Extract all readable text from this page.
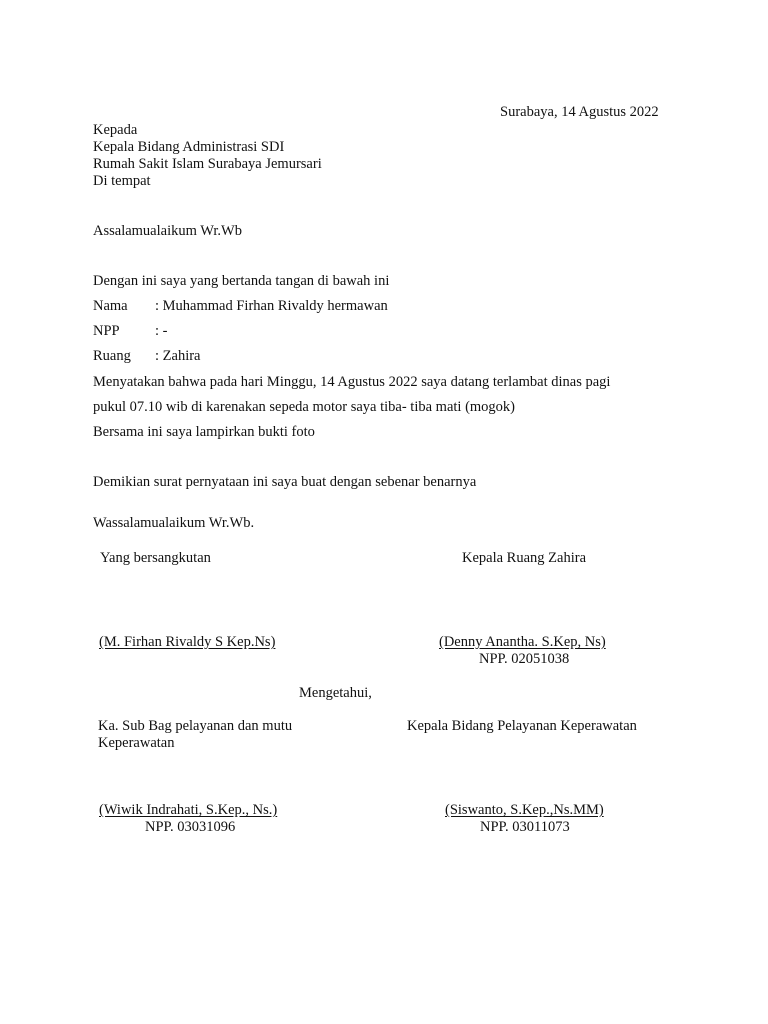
Surabaya, 14 Agustus 2022
Kepada
Kepala Bidang Administrasi SDI
Rumah Sakit Islam Surabaya Jemursari
Di tempat
Assalamualaikum Wr.Wb
Dengan ini saya yang bertanda tangan di bawah ini
Nama : Muhammad Firhan Rivaldy hermawan
NPP : -
Ruang : Zahira
Menyatakan bahwa pada hari Minggu, 14 Agustus 2022 saya datang terlambat dinas pagi
pukul 07.10 wib di karenakan sepeda motor saya tiba- tiba mati (mogok)
Bersama ini saya lampirkan bukti foto
Demikian surat pernyataan ini saya buat dengan sebenar benarnya
Wassalamualaikum Wr.Wb.
Yang bersangkutan	Kepala Ruang Zahira
(M. Firhan Rivaldy S Kep.Ns)	(Denny Anantha. S.Kep, Ns)
NPP. 02051038
Mengetahui,
Ka. Sub Bag pelayanan dan mutu
Keperawatan
Kepala Bidang Pelayanan Keperawatan
(Wiwik Indrahati, S.Kep., Ns.)
NPP. 03031096
(Siswanto, S.Kep.,Ns.MM)
NPP. 03011073
